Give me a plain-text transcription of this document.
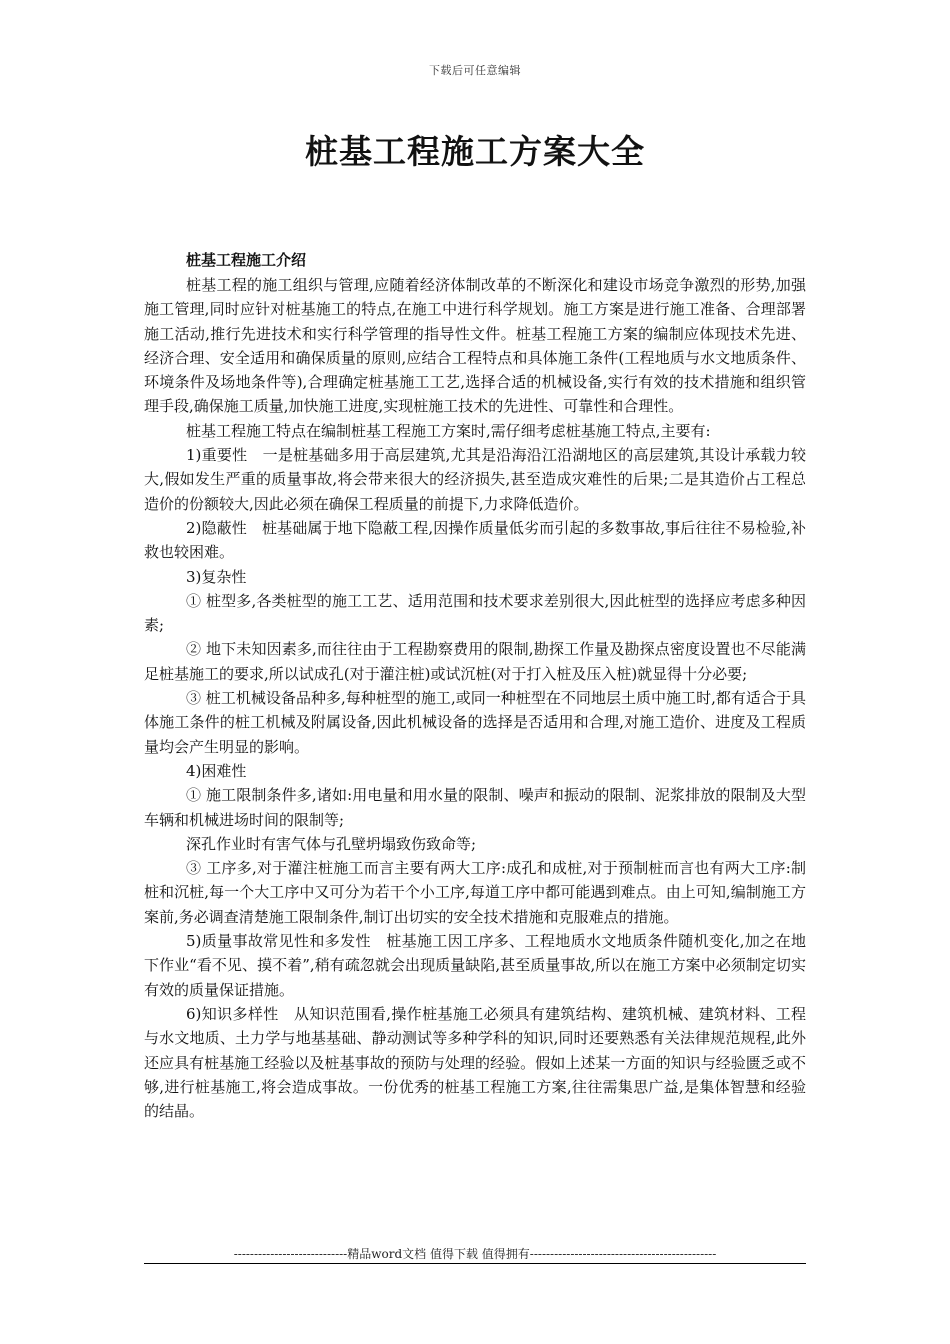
下载后可任意编辑
桩基工程施工方案大全

桩基工程施工介绍

桩基工程的施工组织与管理,应随着经济体制改革的不断深化和建设市场竞争激烈的形势,加强施工管理,同时应针对桩基施工的特点,在施工中进行科学规划。施工方案是进行施工准备、合理部署施工活动,推行先进技术和实行科学管理的指导性文件。桩基工程施工方案的编制应体现技术先进、经济合理、安全适用和确保质量的原则,应结合工程特点和具体施工条件(工程地质与水文地质条件、环境条件及场地条件等),合理确定桩基施工工艺,选择合适的机械设备,实行有效的技术措施和组织管理手段,确保施工质量,加快施工进度,实现桩施工技术的先进性、可靠性和合理性。

桩基工程施工特点在编制桩基工程施工方案时,需仔细考虑桩基施工特点,主要有:

1)重要性　一是桩基础多用于高层建筑,尤其是沿海沿江沿湖地区的高层建筑,其设计承载力较大,假如发生严重的质量事故,将会带来很大的经济损失,甚至造成灾难性的后果;二是其造价占工程总造价的份额较大,因此必须在确保工程质量的前提下,力求降低造价。

2)隐蔽性　桩基础属于地下隐蔽工程,因操作质量低劣而引起的多数事故,事后往往不易检验,补救也较困难。

3)复杂性

① 桩型多,各类桩型的施工工艺、适用范围和技术要求差别很大,因此桩型的选择应考虑多种因素;

② 地下未知因素多,而往往由于工程勘察费用的限制,勘探工作量及勘探点密度设置也不尽能满足桩基施工的要求,所以试成孔(对于灌注桩)或试沉桩(对于打入桩及压入桩)就显得十分必要;

③ 桩工机械设备品种多,每种桩型的施工,或同一种桩型在不同地层土质中施工时,都有适合于具体施工条件的桩工机械及附属设备,因此机械设备的选择是否适用和合理,对施工造价、进度及工程质量均会产生明显的影响。

4)困难性

① 施工限制条件多,诸如:用电量和用水量的限制、噪声和振动的限制、泥浆排放的限制及大型车辆和机械进场时间的限制等;

深孔作业时有害气体与孔壁坍塌致伤致命等;

③ 工序多,对于灌注桩施工而言主要有两大工序:成孔和成桩,对于预制桩而言也有两大工序:制桩和沉桩,每一个大工序中又可分为若干个小工序,每道工序中都可能遇到难点。由上可知,编制施工方案前,务必调查清楚施工限制条件,制订出切实的安全技术措施和克服难点的措施。

5)质量事故常见性和多发性　桩基施工因工序多、工程地质水文地质条件随机变化,加之在地下作业“看不见、摸不着”,稍有疏忽就会出现质量缺陷,甚至质量事故,所以在施工方案中必须制定切实有效的质量保证措施。

6)知识多样性　从知识范围看,操作桩基施工必须具有建筑结构、建筑机械、建筑材料、工程与水文地质、土力学与地基基础、静动测试等多种学科的知识,同时还要熟悉有关法律规范规程,此外还应具有桩基施工经验以及桩基事故的预防与处理的经验。假如上述某一方面的知识与经验匮乏或不够,进行桩基施工,将会造成事故。一份优秀的桩基工程施工方案,往往需集思广益,是集体智慧和经验的结晶。

----------------------------精品word文档 值得下载 值得拥有----------------------------------------------
